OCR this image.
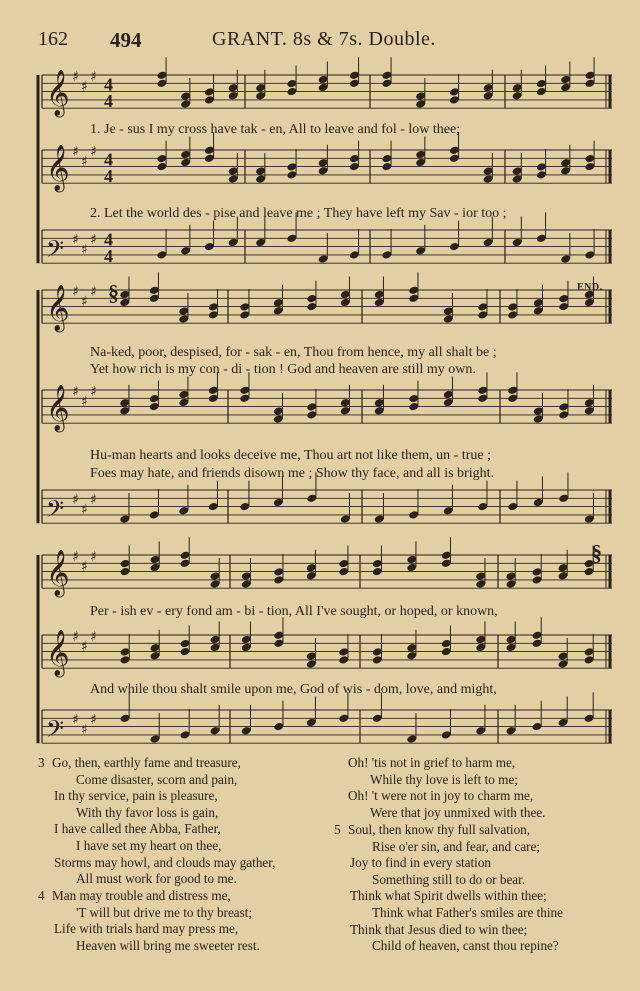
162 494	GRANT. 8s & 7s. Double.
𝄞 ♯
♯
♯ 4
4
𝄞 ♯
♯
♯ 4
4
𝄢 ♯
♯
♯ 4
4
𝄞 ♯
♯
♯
𝄞 ♯
♯
♯
𝄢 ♯
♯
♯
𝄞 ♯
♯
♯
𝄞 ♯
♯
♯
𝄢 ♯
♯
♯
§
§
END.
1. Je - sus I my cross have tak - en, All to leave and fol - low thee;
2. Let the world des - pise and leave me ; They have left my Sav - ior too ;
Na-ked, poor, despised, for - sak - en, Thou from hence, my all shalt be ;
Yet how rich is my con - di - tion ! God and heaven are still my own.
Hu-man hearts and looks deceive me, Thou art not like them, un - true ;
Foes may hate, and friends disown me ; Show thy face, and all is bright.
Per - ish ev - ery fond am - bi - tion, All I've sought, or hoped, or known,
And while thou shalt smile upon me, God of wis - dom, love, and might,
3 Go, then, earthly fame and treasure,
Come disaster, scorn and pain,
In thy service, pain is pleasure,
With thy favor loss is gain,
I have called thee Abba, Father,
I have set my heart on thee,
Storms may howl, and clouds may gather,
All must work for good to me.
4 Man may trouble and distress me,
'T will but drive me to thy breast;
Life with trials hard may press me,
Heaven will bring me sweeter rest.
Oh! 'tis not in grief to harm me,
While thy love is left to me;
Oh! 't were not in joy to charm me,
Were that joy unmixed with thee.
5 Soul, then know thy full salvation,
Rise o'er sin, and fear, and care;
Joy to find in every station
Something still to do or bear.
Think what Spirit dwells within thee;
Think what Father's smiles are thine
Think that Jesus died to win thee;
Child of heaven, canst thou repine?
